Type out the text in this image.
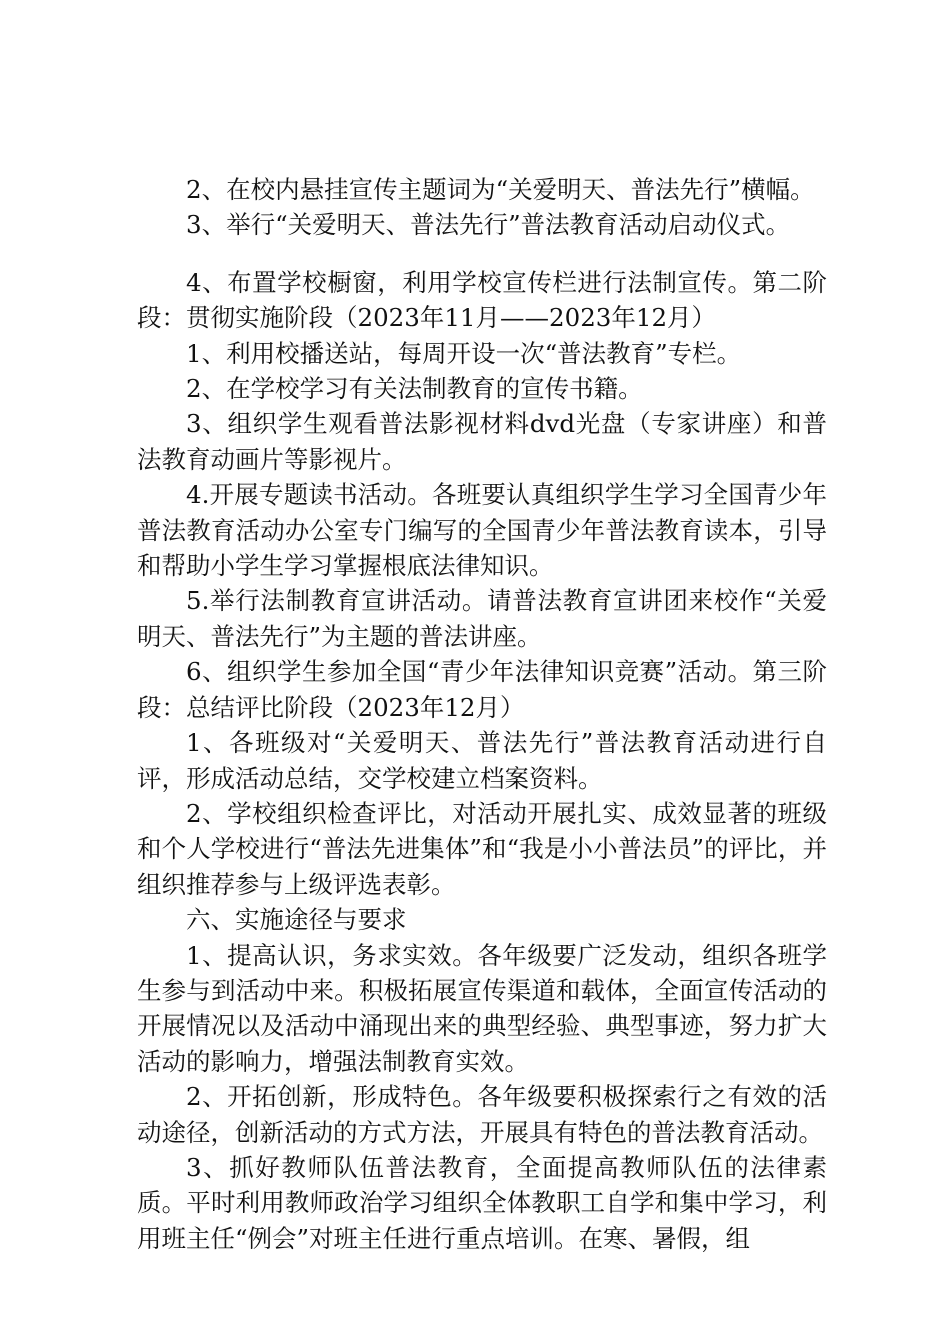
2、在校内悬挂宣传主题词为“关爱明天、普法先行”横幅。

3、举行“关爱明天、普法先行”普法教育活动启动仪式。

4、布置学校橱窗，利用学校宣传栏进行法制宣传。第二阶段：贯彻实施阶段（2023年11月——2023年12月）

1、利用校播送站，每周开设一次“普法教育”专栏。

2、在学校学习有关法制教育的宣传书籍。

3、组织学生观看普法影视材料dvd光盘（专家讲座）和普法教育动画片等影视片。

4.开展专题读书活动。各班要认真组织学生学习全国青少年普法教育活动办公室专门编写的全国青少年普法教育读本，引导和帮助小学生学习掌握根底法律知识。

5.举行法制教育宣讲活动。请普法教育宣讲团来校作“关爱明天、普法先行”为主题的普法讲座。

6、组织学生参加全国“青少年法律知识竞赛”活动。第三阶段：总结评比阶段（2023年12月）

1、各班级对“关爱明天、普法先行”普法教育活动进行自评，形成活动总结，交学校建立档案资料。

2、学校组织检查评比，对活动开展扎实、成效显著的班级和个人学校进行“普法先进集体”和“我是小小普法员”的评比，并组织推荐参与上级评选表彰。

六、实施途径与要求

1、提高认识，务求实效。各年级要广泛发动，组织各班学生参与到活动中来。积极拓展宣传渠道和载体，全面宣传活动的开展情况以及活动中涌现出来的典型经验、典型事迹，努力扩大活动的影响力，增强法制教育实效。

2、开拓创新，形成特色。各年级要积极探索行之有效的活动途径，创新活动的方式方法，开展具有特色的普法教育活动。

3、抓好教师队伍普法教育，全面提高教师队伍的法律素质。平时利用教师政治学习组织全体教职工自学和集中学习，利用班主任“例会”对班主任进行重点培训。在寒、暑假，组
